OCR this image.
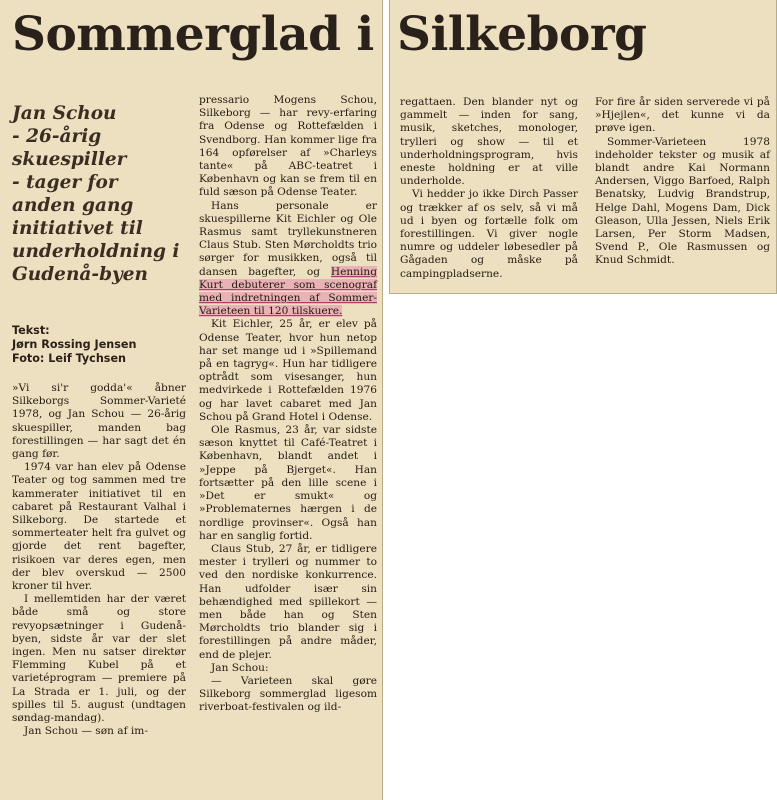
Sommerglad i
Jan Schou
- 26-årig
skuespiller
- tager for
anden gang
initiativet til
underholdning i
Gudenå-byen
Tekst:
Jørn Rossing Jensen
Foto: Leif Tychsen

»Vi si'r godda'« åbner Silkeborgs Sommer-Varieté 1978, og Jan Schou — 26-årig skuespiller, manden bag forestillingen — har sagt det én gang før.

1974 var han elev på Odense Teater og tog sammen med tre kammerater initiativet til en cabaret på Restaurant Valhal i Silkeborg. De startede et sommerteater helt fra gulvet og gjorde det rent bagefter, risikoen var deres egen, men der blev overskud — 2500 kroner til hver.

I mellemtiden har der været både små og store revyopsætninger i Gudenå-byen, sidste år var der slet ingen. Men nu satser direktør Flemming Kubel på et varietéprogram — premiere på La Strada er 1. juli, og der spilles til 5. august (undtagen søndag-mandag).

Jan Schou — søn af im-

pressario Mogens Schou, Silkeborg — har revy-erfaring fra Odense og Rottefælden i Svendborg. Han kommer lige fra 164 opførelser af »Charleys tante« på ABC-teatret i København og kan se frem til en fuld sæson på Odense Teater.

Hans personale er skuespillerne Kit Eichler og Ole Rasmus samt tryllekunstneren Claus Stub. Sten Mørcholdts trio sørger for musikken, også til dansen bagefter, og Henning Kurt debuterer som scenograf med indretningen af Sommer-Varieteen til 120 tilskuere.

Kit Eichler, 25 år, er elev på Odense Teater, hvor hun netop har set mange ud i »Spillemand på en tagryg«. Hun har tidligere optrådt som visesanger, hun medvirkede i Rottefælden 1976 og har lavet cabaret med Jan Schou på Grand Hotel i Odense.

Ole Rasmus, 23 år, var sidste sæson knyttet til Café-Teatret i København, blandt andet i »Jeppe på Bjerget«. Han fortsætter på den lille scene i »Det er smukt« og »Problematernes hærgen i de nordlige provinser«. Også han har en sanglig fortid.

Claus Stub, 27 år, er tidligere mester i trylleri og nummer to ved den nordiske konkurrence. Han udfolder især sin behændighed med spillekort — men både han og Sten Mørcholdts trio blander sig i forestillingen på andre måder, end de plejer.

Jan Schou:

— Varieteen skal gøre Silkeborg sommerglad ligesom riverboat-festivalen og ild-

Silkeborg

regattaen. Den blander nyt og gammelt — inden for sang, musik, sketches, monologer, trylleri og show — til et underholdningsprogram, hvis eneste holdning er at ville underholde.

Vi hedder jo ikke Dirch Passer og trækker af os selv, så vi må ud i byen og fortælle folk om forestillingen. Vi giver nogle numre og uddeler løbesedler på Gågaden og måske på campingpladserne.

For fire år siden serverede vi på »Hjejlen«, det kunne vi da prøve igen.

Sommer-Varieteen 1978 indeholder tekster og musik af blandt andre Kai Normann Andersen, Viggo Barfoed, Ralph Benatsky, Ludvig Brandstrup, Helge Dahl, Mogens Dam, Dick Gleason, Ulla Jessen, Niels Erik Larsen, Per Storm Madsen, Svend P., Ole Rasmussen og Knud Schmidt.
